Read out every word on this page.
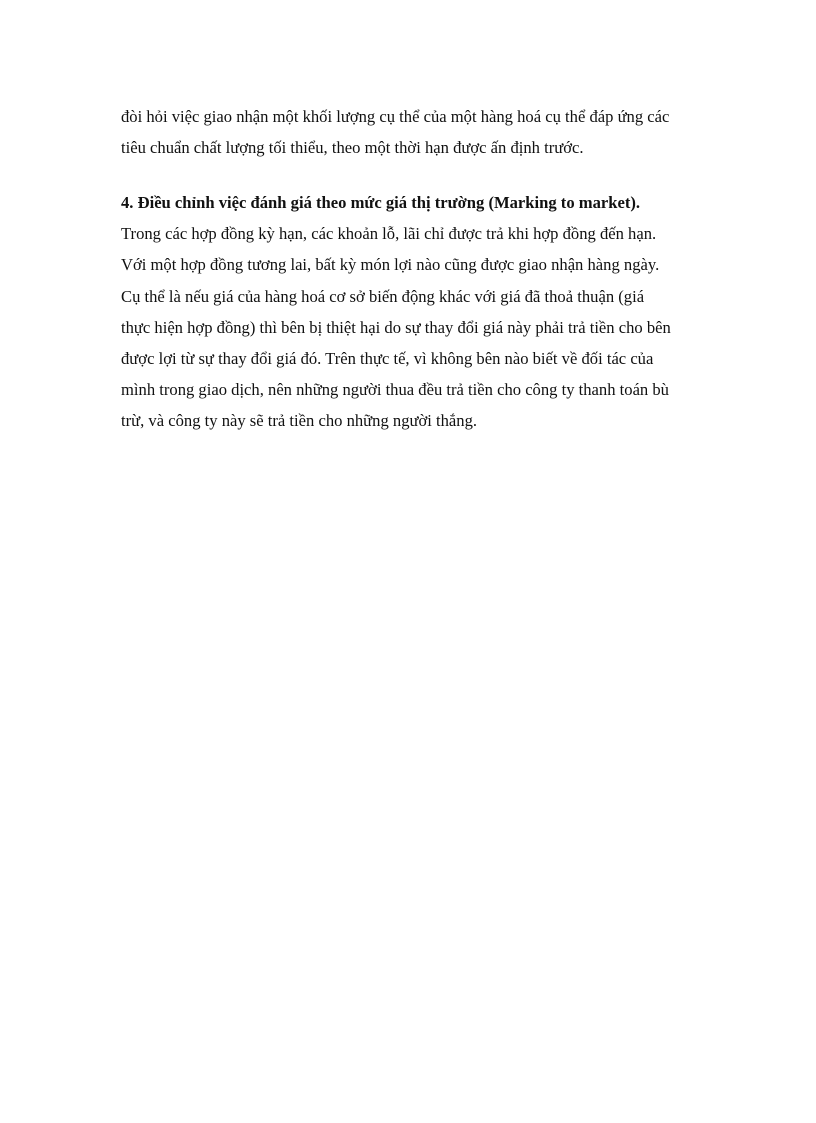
đòi hỏi việc giao nhận một khối lượng cụ thể của một hàng hoá cụ thể đáp ứng các
tiêu chuẩn chất lượng tối thiểu, theo một thời hạn được ấn định trước.
4. Điều chỉnh việc đánh giá theo mức giá thị trường (Marking to market).
Trong các hợp đồng kỳ hạn, các khoản lỗ, lãi chỉ được trả khi hợp đồng đến hạn.
Với một hợp đồng tương lai, bất kỳ món lợi nào cũng được giao nhận hàng ngày.
Cụ thể là nếu giá của hàng hoá cơ sở biến động khác với giá đã thoả thuận (giá
thực hiện hợp đồng) thì bên bị thiệt hại do sự thay đổi giá này phải trả tiền cho bên
được lợi từ sự thay đổi giá đó. Trên thực tế, vì không bên nào biết về đối tác của
mình trong giao dịch, nên những người thua đều trả tiền cho công ty thanh toán bù
trừ, và công ty này sẽ trả tiền cho những người thắng.
